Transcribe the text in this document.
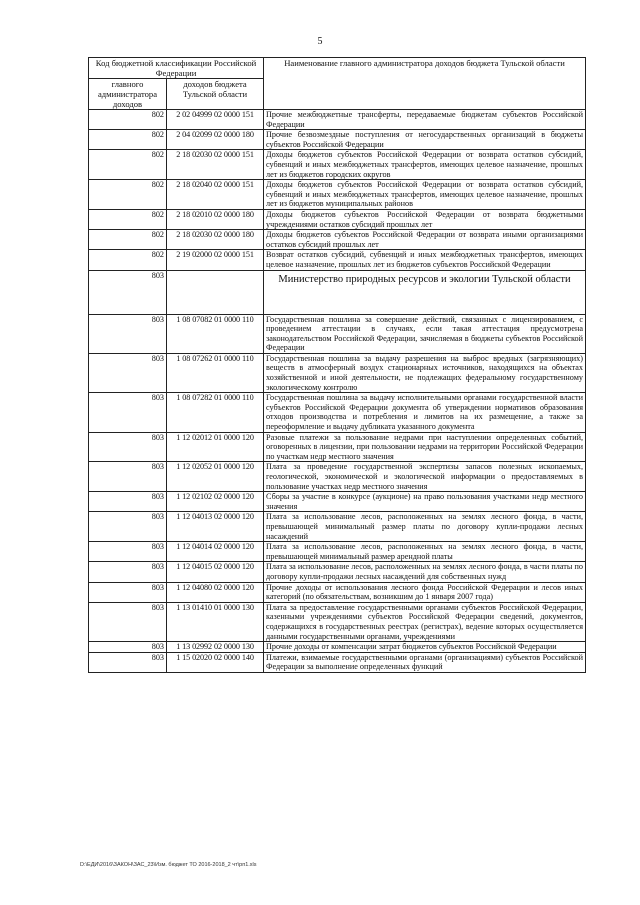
5
Код бюджетной классификации Российской Федерации		Наименование главного администратора доходов бюджета Тульской области
главного администратора доходов	доходов бюджета Тульской области	
802	2 02 04999 02 0000 151	Прочие межбюджетные трансферты, передаваемые бюджетам субъектов Российской Федерации
802	2 04 02099 02 0000 180	Прочие безвозмездные поступления от негосударственных организаций в бюджеты субъектов Российской Федерации
802	2 18 02030 02 0000 151	Доходы бюджетов субъектов Российской Федерации от возврата остатков субсидий, субвенций и иных межбюджетных трансфертов, имеющих целевое назначение, прошлых лет из бюджетов городских округов
802	2 18 02040 02 0000 151	Доходы бюджетов субъектов Российской Федерации от возврата остатков субсидий, субвенций и иных межбюджетных трансфертов, имеющих целевое назначение, прошлых лет из бюджетов муниципальных районов
802	2 18 02010 02 0000 180	Доходы бюджетов субъектов Российской Федерации от возврата бюджетными учреждениями остатков субсидий прошлых лет
802	2 18 02030 02 0000 180	Доходы бюджетов субъектов Российской Федерации от возврата иными организациями остатков субсидий прошлых лет
802	2 19 02000 02 0000 151	Возврат остатков субсидий, субвенций и иных межбюджетных трансфертов, имеющих целевое назначение, прошлых лет из бюджетов субъектов Российской Федерации
803		Министерство природных ресурсов и экологии Тульской области
803	1 08 07082 01 0000 110	Государственная пошлина за совершение действий, связанных с лицензированием, с проведением аттестации в случаях, если такая аттестация предусмотрена законодательством Российской Федерации, зачисляемая в бюджеты субъектов Российской Федерации
803	1 08 07262 01 0000 110	Государственная пошлина за выдачу разрешения на выброс вредных (загрязняющих) веществ в атмосферный воздух стационарных источников, находящихся на объектах хозяйственной и иной деятельности, не подлежащих федеральному государственному экологическому контролю
803	1 08 07282 01 0000 110	Государственная пошлина за выдачу исполнительными органами государственной власти субъектов Российской Федерации документа об утверждении нормативов образования отходов производства и потребления и лимитов на их размещение, а также за переоформление и выдачу дубликата указанного документа
803	1 12 02012 01 0000 120	Разовые платежи за пользование недрами при наступлении определенных событий, оговоренных в лицензии, при пользовании недрами на территории Российской Федерации по участкам недр местного значения
803	1 12 02052 01 0000 120	Плата за проведение государственной экспертизы запасов полезных ископаемых, геологической, экономической и экологической информации о предоставляемых в пользование участках недр местного значения
803	1 12 02102 02 0000 120	Сборы за участие в конкурсе (аукционе) на право пользования участками недр местного значения
803	1 12 04013 02 0000 120	Плата за использование лесов, расположенных на землях лесного фонда, в части, превышающей минимальный размер платы по договору купли-продажи лесных насаждений
803	1 12 04014 02 0000 120	Плата за использование лесов, расположенных на землях лесного фонда, в части, превышающей минимальный размер арендной платы
803	1 12 04015 02 0000 120	Плата за использование лесов, расположенных на землях лесного фонда, в части платы по договору купли-продажи лесных насаждений для собственных нужд
803	1 12 04080 02 0000 120	Прочие доходы от использования лесного фонда Российской Федерации и лесов иных категорий (по обязательствам, возникшим до 1 января 2007 года)
803	1 13 01410 01 0000 130	Плата за предоставление государственными органами субъектов Российской Федерации, казенными учреждениями субъектов Российской Федерации сведений, документов, содержащихся в государственных реестрах (регистрах), ведение которых осуществляется данными государственными органами, учреждениями
803	1 13 02992 02 0000 130	Прочие доходы от компенсации затрат бюджетов субъектов Российской Федерации
803	1 15 02020 02 0000 140	Платежи, взимаемые государственными органами (организациями) субъектов Российской Федерации за выполнение определенных функций
D:\ЕДИ\2016\ЗАКОН\ЗАС_23\Изм. бюджет ТО 2016-2018_2 чт\рп1.xls
